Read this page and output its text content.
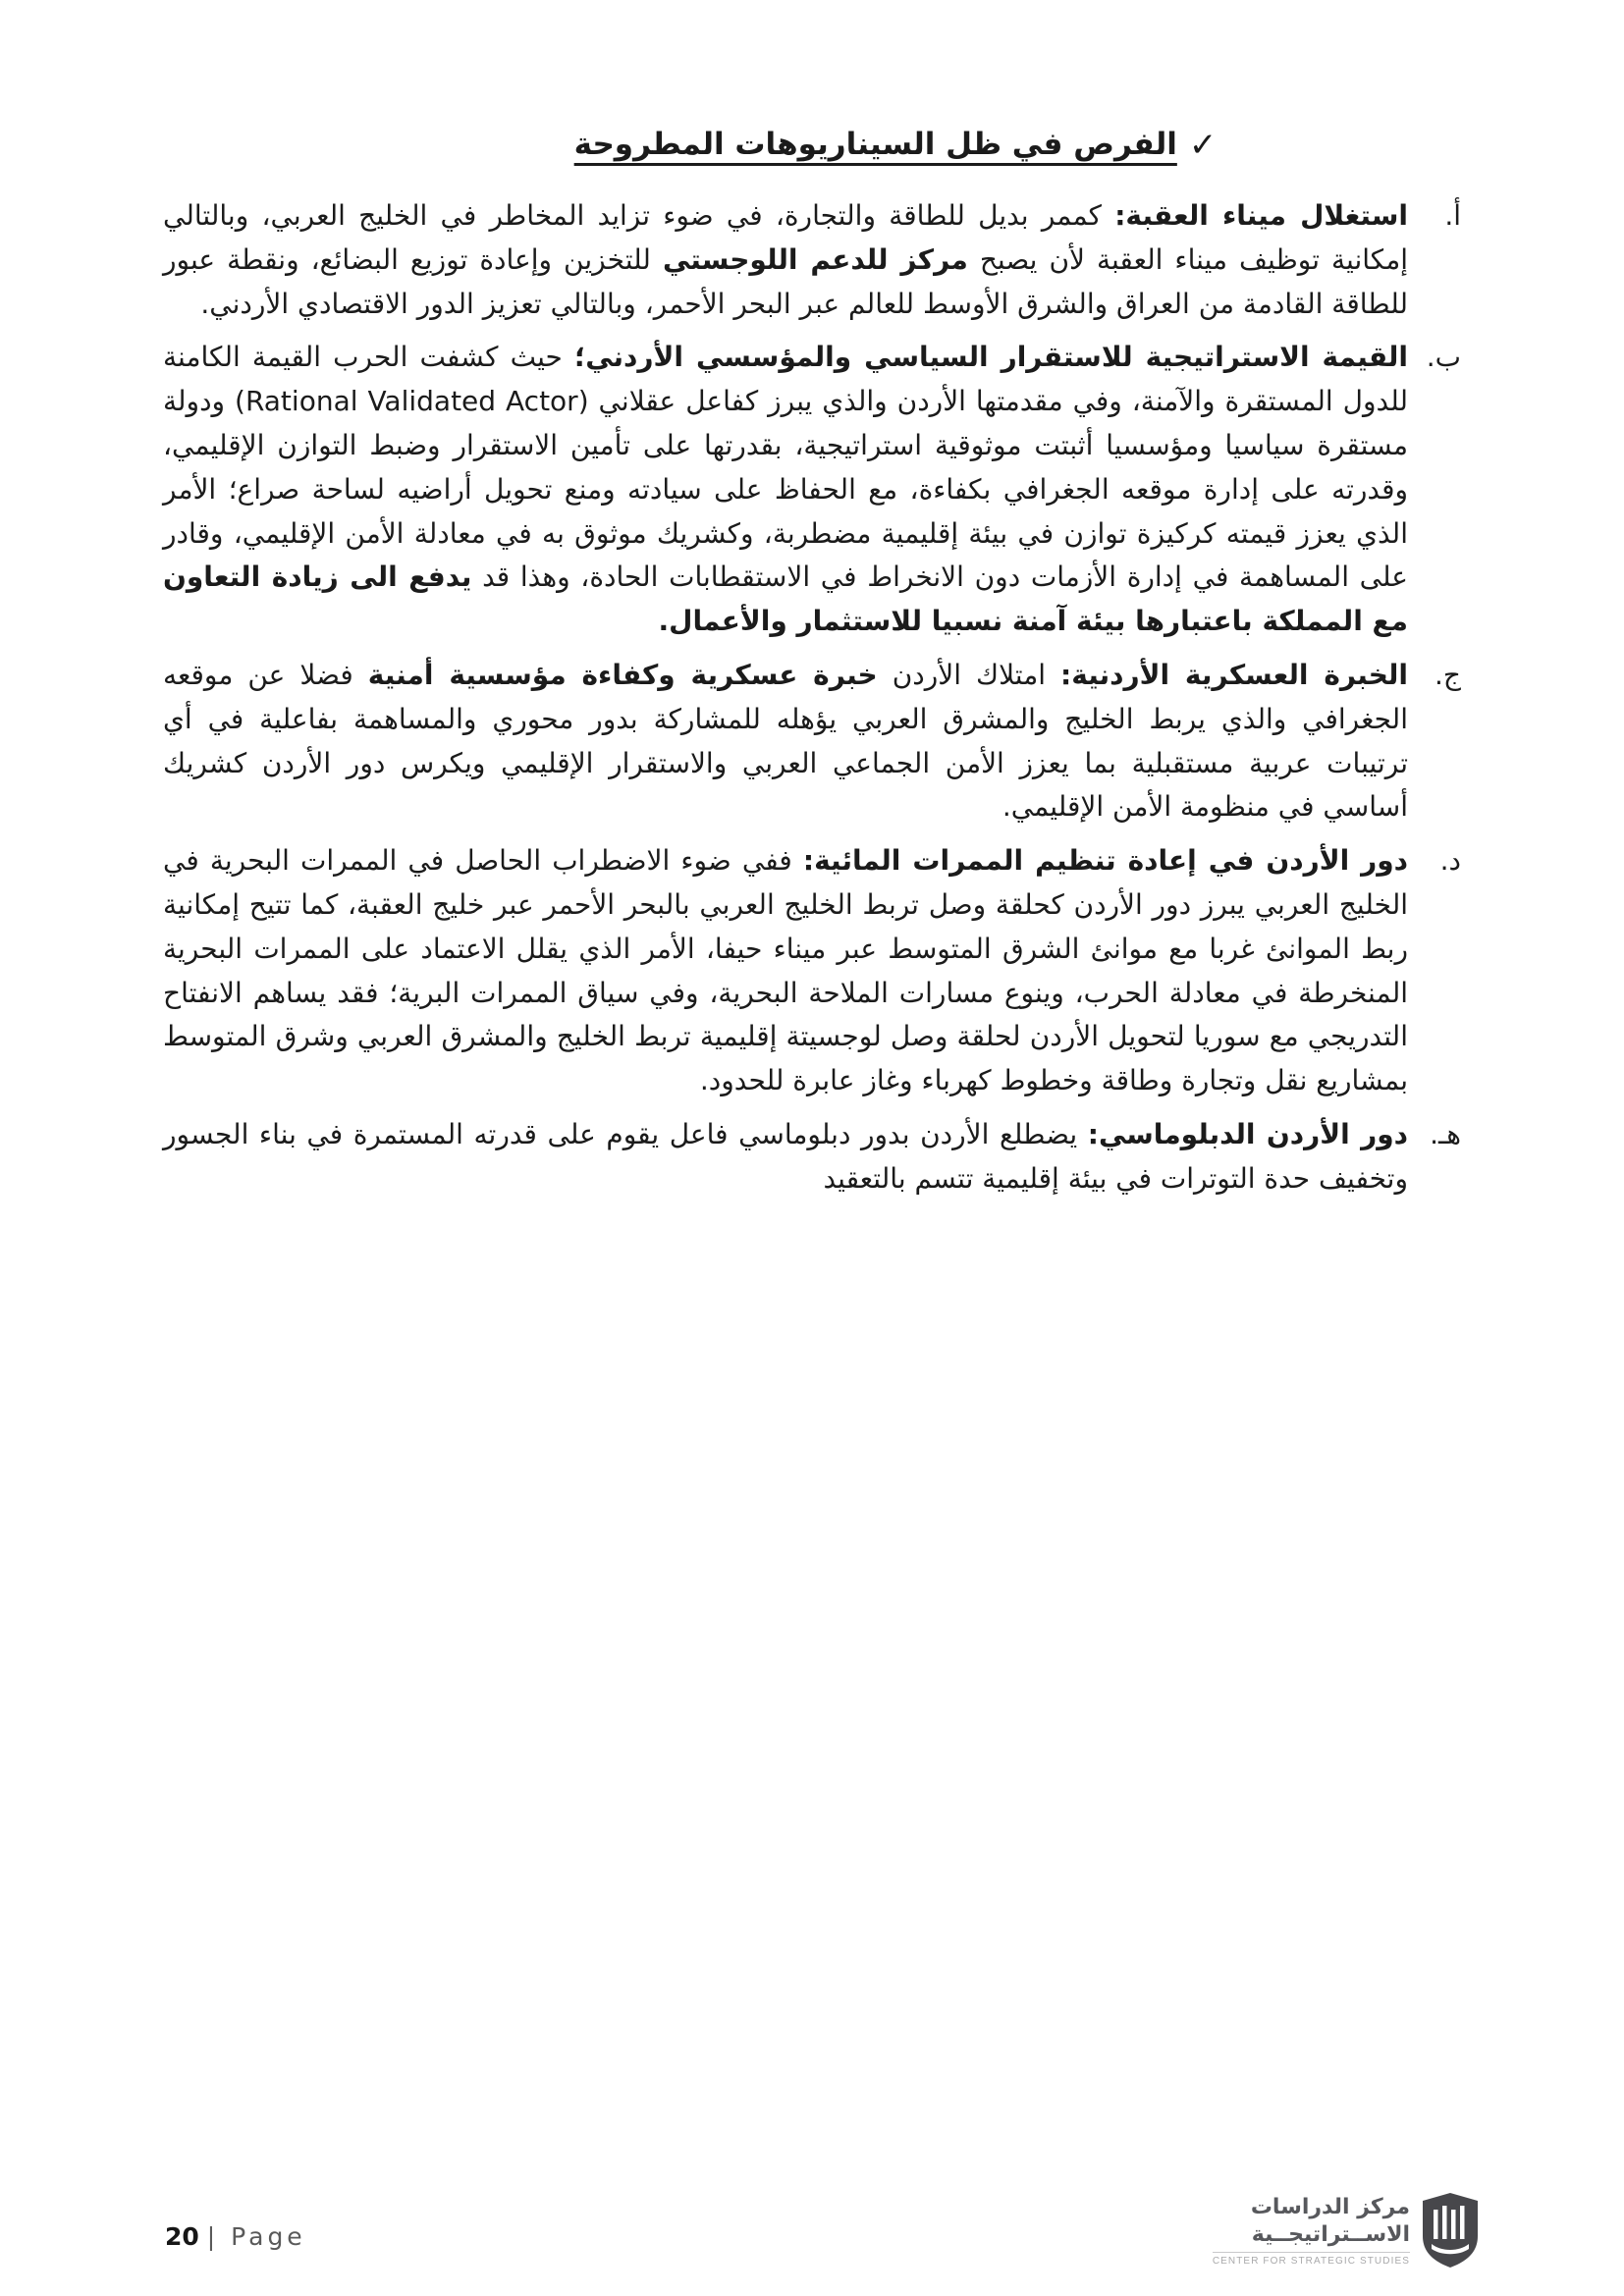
✓الفرص في ظل السيناريوهات المطروحة
أ.

استغلال ميناء العقبة: كممر بديل للطاقة والتجارة، في ضوء تزايد المخاطر في الخليج العربي، وبالتالي إمكانية توظيف ميناء العقبة لأن يصبح مركز للدعم اللوجستي للتخزين وإعادة توزيع البضائع، ونقطة عبور للطاقة القادمة من العراق والشرق الأوسط للعالم عبر البحر الأحمر، وبالتالي تعزيز الدور الاقتصادي الأردني.

ب.

القيمة الاستراتيجية للاستقرار السياسي والمؤسسي الأردني؛ حيث كشفت الحرب القيمة الكامنة للدول المستقرة والآمنة، وفي مقدمتها الأردن والذي يبرز كفاعل عقلاني (Rational Validated Actor) ودولة مستقرة سياسيا ومؤسسيا أثبتت موثوقية استراتيجية، بقدرتها على تأمين الاستقرار وضبط التوازن الإقليمي، وقدرته على إدارة موقعه الجغرافي بكفاءة، مع الحفاظ على سيادته ومنع تحويل أراضيه لساحة صراع؛ الأمر الذي يعزز قيمته كركيزة توازن في بيئة إقليمية مضطربة، وكشريك موثوق به في معادلة الأمن الإقليمي، وقادر على المساهمة في إدارة الأزمات دون الانخراط في الاستقطابات الحادة، وهذا قد يدفع الى زيادة التعاون مع المملكة باعتبارها بيئة آمنة نسبيا للاستثمار والأعمال.

ج.

الخبرة العسكرية الأردنية: امتلاك الأردن خبرة عسكرية وكفاءة مؤسسية أمنية فضلا عن موقعه الجغرافي والذي يربط الخليج والمشرق العربي يؤهله للمشاركة بدور محوري والمساهمة بفاعلية في أي ترتيبات عربية مستقبلية بما يعزز الأمن الجماعي العربي والاستقرار الإقليمي ويكرس دور الأردن كشريك أساسي في منظومة الأمن الإقليمي.

د.

دور الأردن في إعادة تنظيم الممرات المائية: ففي ضوء الاضطراب الحاصل في الممرات البحرية في الخليج العربي يبرز دور الأردن كحلقة وصل تربط الخليج العربي بالبحر الأحمر عبر خليج العقبة، كما تتيح إمكانية ربط الموانئ غربا مع موانئ الشرق المتوسط عبر ميناء حيفا، الأمر الذي يقلل الاعتماد على الممرات البحرية المنخرطة في معادلة الحرب، وينوع مسارات الملاحة البحرية، وفي سياق الممرات البرية؛ فقد يساهم الانفتاح التدريجي مع سوريا لتحويل الأردن لحلقة وصل لوجسيتة إقليمية تربط الخليج والمشرق العربي وشرق المتوسط بمشاريع نقل وتجارة وطاقة وخطوط كهرباء وغاز عابرة للحدود.

هـ.

دور الأردن الدبلوماسي: يضطلع الأردن بدور دبلوماسي فاعل يقوم على قدرته المستمرة في بناء الجسور وتخفيف حدة التوترات في بيئة إقليمية تتسم بالتعقيد

20 | Page
مركز الدراسات
الاســتراتيجــية
CENTER FOR STRATEGIC STUDIES
